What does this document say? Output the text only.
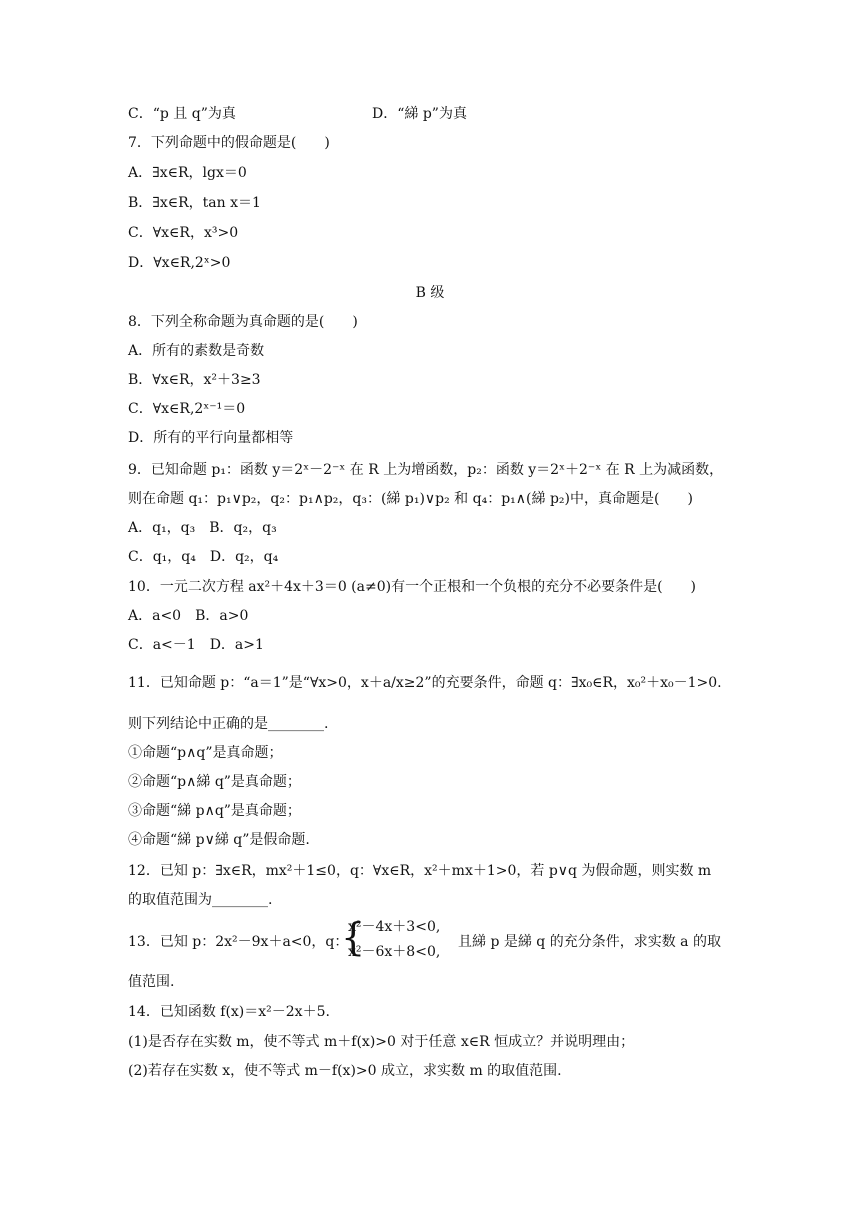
C．“p 且 q”为真	D．“綈 p”为真
7．下列命题中的假命题是(　　)
A．∃x∈R，lgx＝0
B．∃x∈R，tan x＝1
C．∀x∈R，x³>0
D．∀x∈R,2ˣ>0
B 级
8．下列全称命题为真命题的是(　　)
A．所有的素数是奇数
B．∀x∈R，x²＋3≥3
C．∀x∈R,2ˣ⁻¹＝0
D．所有的平行向量都相等
9．已知命题 p₁：函数 y＝2ˣ－2⁻ˣ 在 R 上为增函数，p₂：函数 y＝2ˣ＋2⁻ˣ 在 R 上为减函数，
则在命题 q₁：p₁∨p₂，q₂：p₁∧p₂，q₃：(綈 p₁)∨p₂ 和 q₄：p₁∧(綈 p₂)中，真命题是(　　)
A．q₁，q₃　B．q₂，q₃
C．q₁，q₄　D．q₂，q₄
10．一元二次方程 ax²＋4x＋3＝0 (a≠0)有一个正根和一个负根的充分不必要条件是(　　)
A．a<0　B．a>0
C．a<－1　D．a>1
11．已知命题 p：“a＝1”是“∀x>0，x＋a/x≥2”的充要条件，命题 q：∃x₀∈R，x₀²＋x₀－1>0.
则下列结论中正确的是________.
①命题“p∧q”是真命题；
②命题“p∧綈 q”是真命题；
③命题“綈 p∧q”是真命题；
④命题“綈 p∨綈 q”是假命题.
12．已知 p：∃x∈R，mx²＋1≤0，q：∀x∈R，x²＋mx＋1>0，若 p∨q 为假命题，则实数 m
的取值范围为________.
13．已知 p：2x²－9x＋a<0，q：
{
x²－4x＋3<0,
x²－6x＋8<0,
且綈 p 是綈 q 的充分条件，求实数 a 的取
值范围.
14．已知函数 f(x)＝x²－2x＋5.
(1)是否存在实数 m，使不等式 m＋f(x)>0 对于任意 x∈R 恒成立？并说明理由；
(2)若存在实数 x，使不等式 m－f(x)>0 成立，求实数 m 的取值范围.
